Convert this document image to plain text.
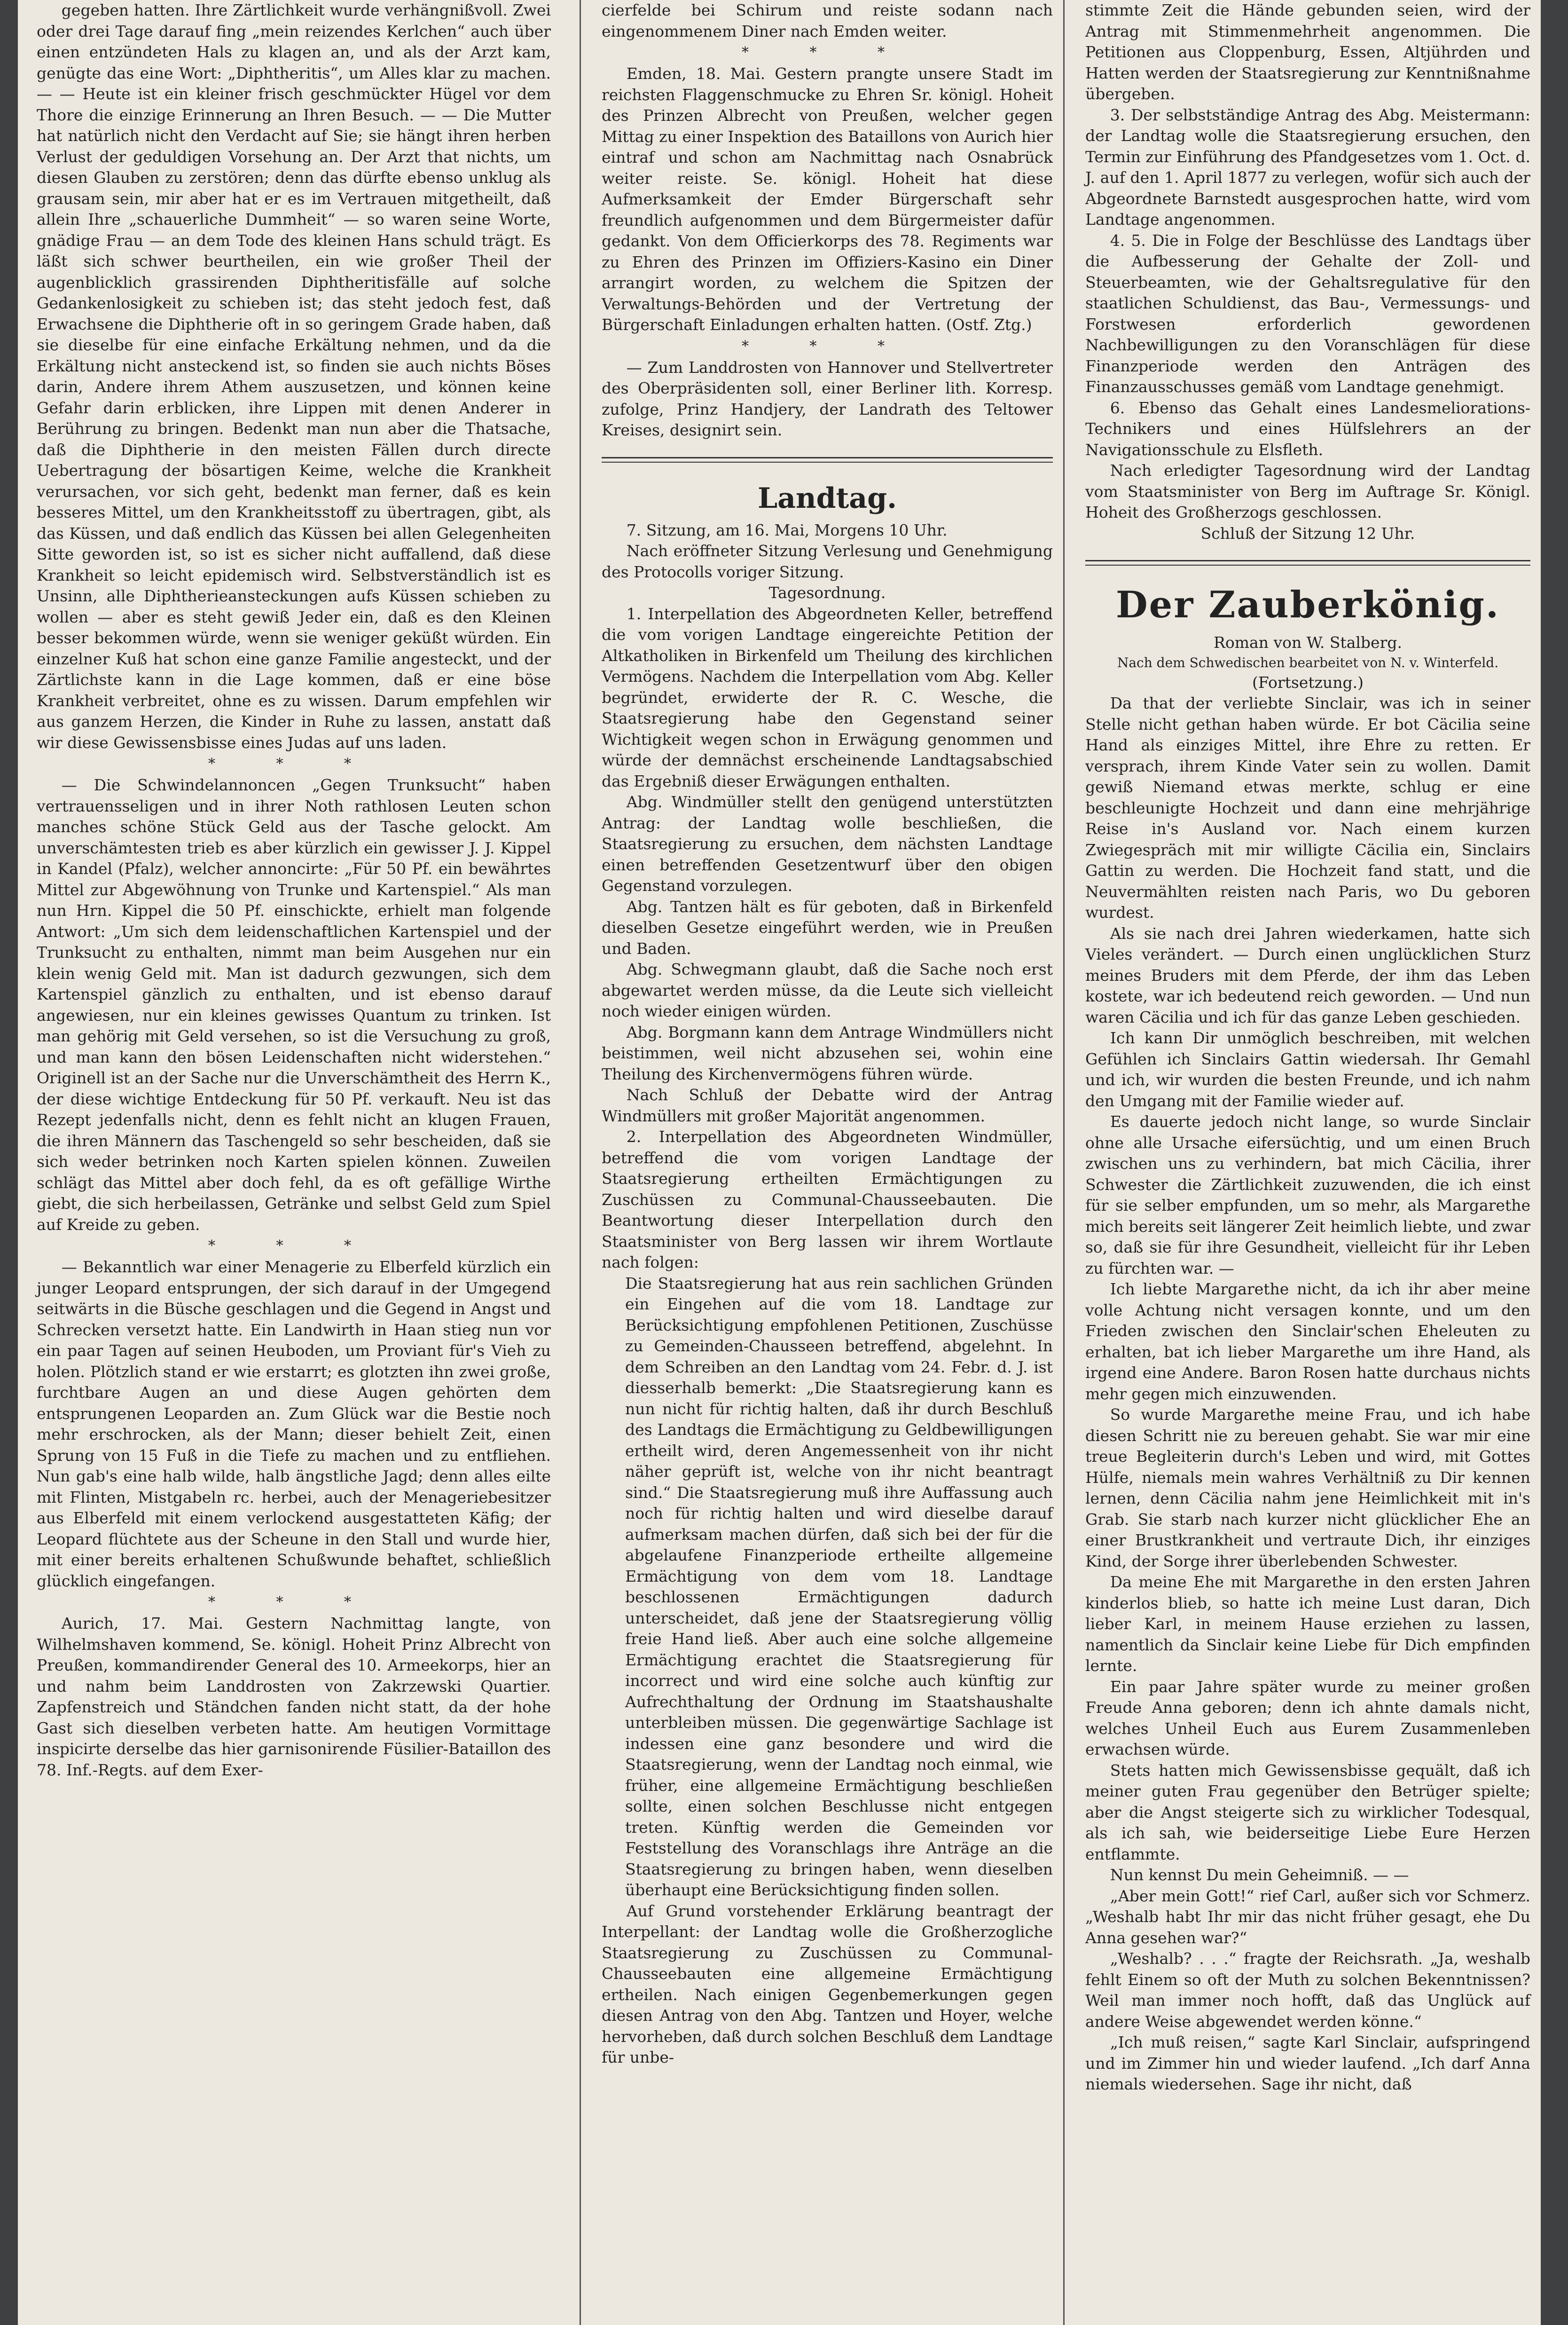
gegeben hatten. Ihre Zärtlichkeit wurde verhängnißvoll. Zwei oder drei Tage darauf fing „mein reizendes Kerlchen“ auch über einen entzündeten Hals zu klagen an, und als der Arzt kam, genügte das eine Wort: „Diphtheritis“, um Alles klar zu machen. — — Heute ist ein kleiner frisch geschmückter Hügel vor dem Thore die einzige Erinnerung an Ihren Besuch. — — Die Mutter hat natürlich nicht den Verdacht auf Sie; sie hängt ihren herben Verlust der geduldigen Vorsehung an. Der Arzt that nichts, um diesen Glauben zu zerstören; denn das dürfte ebenso unklug als grausam sein, mir aber hat er es im Vertrauen mitgetheilt, daß allein Ihre „schauerliche Dummheit“ — so waren seine Worte, gnädige Frau — an dem Tode des kleinen Hans schuld trägt. Es läßt sich schwer beurtheilen, ein wie großer Theil der augenblicklich grassirenden Diphtheritisfälle auf solche Gedankenlosigkeit zu schieben ist; das steht jedoch fest, daß Erwachsene die Diphtherie oft in so geringem Grade haben, daß sie dieselbe für eine einfache Erkältung nehmen, und da die Erkältung nicht ansteckend ist, so finden sie auch nichts Böses darin, Andere ihrem Athem auszusetzen, und können keine Gefahr darin erblicken, ihre Lippen mit denen Anderer in Berührung zu bringen. Bedenkt man nun aber die Thatsache, daß die Diphtherie in den meisten Fällen durch directe Uebertragung der bösartigen Keime, welche die Krankheit verursachen, vor sich geht, bedenkt man ferner, daß es kein besseres Mittel, um den Krankheitsstoff zu übertragen, gibt, als das Küssen, und daß endlich das Küssen bei allen Gelegenheiten Sitte geworden ist, so ist es sicher nicht auffallend, daß diese Krankheit so leicht epidemisch wird. Selbstverständlich ist es Unsinn, alle Diphtherieansteckungen aufs Küssen schieben zu wollen — aber es steht gewiß Jeder ein, daß es den Kleinen besser bekommen würde, wenn sie weniger geküßt würden. Ein einzelner Kuß hat schon eine ganze Familie angesteckt, und der Zärtlichste kann in die Lage kommen, daß er eine böse Krankheit verbreitet, ohne es zu wissen. Darum empfehlen wir aus ganzem Herzen, die Kinder in Ruhe zu lassen, anstatt daß wir diese Gewissensbisse eines Judas auf uns laden.

* * *

— Die Schwindelannoncen „Gegen Trunksucht“ haben vertrauensseligen und in ihrer Noth rathlosen Leuten schon manches schöne Stück Geld aus der Tasche gelockt. Am unverschämtesten trieb es aber kürzlich ein gewisser J. J. Kippel in Kandel (Pfalz), welcher annoncirte: „Für 50 Pf. ein bewährtes Mittel zur Abgewöhnung von Trunke und Kartenspiel.“ Als man nun Hrn. Kippel die 50 Pf. einschickte, erhielt man folgende Antwort: „Um sich dem leidenschaftlichen Kartenspiel und der Trunksucht zu enthalten, nimmt man beim Ausgehen nur ein klein wenig Geld mit. Man ist dadurch gezwungen, sich dem Kartenspiel gänzlich zu enthalten, und ist ebenso darauf angewiesen, nur ein kleines gewisses Quantum zu trinken. Ist man gehörig mit Geld versehen, so ist die Versuchung zu groß, und man kann den bösen Leidenschaften nicht widerstehen.“ Originell ist an der Sache nur die Unverschämtheit des Herrn K., der diese wichtige Entdeckung für 50 Pf. verkauft. Neu ist das Rezept jedenfalls nicht, denn es fehlt nicht an klugen Frauen, die ihren Männern das Taschengeld so sehr bescheiden, daß sie sich weder betrinken noch Karten spielen können. Zuweilen schlägt das Mittel aber doch fehl, da es oft gefällige Wirthe giebt, die sich herbeilassen, Getränke und selbst Geld zum Spiel auf Kreide zu geben.

* * *

— Bekanntlich war einer Menagerie zu Elberfeld kürzlich ein junger Leopard entsprungen, der sich darauf in der Umgegend seitwärts in die Büsche geschlagen und die Gegend in Angst und Schrecken versetzt hatte. Ein Landwirth in Haan stieg nun vor ein paar Tagen auf seinen Heuboden, um Proviant für's Vieh zu holen. Plötzlich stand er wie erstarrt; es glotzten ihn zwei große, furchtbare Augen an und diese Augen gehörten dem entsprungenen Leoparden an. Zum Glück war die Bestie noch mehr erschrocken, als der Mann; dieser behielt Zeit, einen Sprung von 15 Fuß in die Tiefe zu machen und zu entfliehen. Nun gab's eine halb wilde, halb ängstliche Jagd; denn alles eilte mit Flinten, Mistgabeln rc. herbei, auch der Menageriebesitzer aus Elberfeld mit einem verlockend ausgestatteten Käfig; der Leopard flüchtete aus der Scheune in den Stall und wurde hier, mit einer bereits erhaltenen Schußwunde behaftet, schließlich glücklich eingefangen.

* * *

Aurich, 17. Mai. Gestern Nachmittag langte, von Wilhelmshaven kommend, Se. königl. Hoheit Prinz Albrecht von Preußen, kommandirender General des 10. Armeekorps, hier an und nahm beim Landdrosten von Zakrzewski Quartier. Zapfenstreich und Ständchen fanden nicht statt, da der hohe Gast sich dieselben verbeten hatte. Am heutigen Vormittage inspicirte derselbe das hier garnisonirende Füsilier-Bataillon des 78. Inf.-Regts. auf dem Exer-

cierfelde bei Schirum und reiste sodann nach eingenommenem Diner nach Emden weiter.

* * *

Emden, 18. Mai. Gestern prangte unsere Stadt im reichsten Flaggenschmucke zu Ehren Sr. königl. Hoheit des Prinzen Albrecht von Preußen, welcher gegen Mittag zu einer Inspektion des Bataillons von Aurich hier eintraf und schon am Nachmittag nach Osnabrück weiter reiste. Se. königl. Hoheit hat diese Aufmerksamkeit der Emder Bürgerschaft sehr freundlich aufgenommen und dem Bürgermeister dafür gedankt. Von dem Officierkorps des 78. Regiments war zu Ehren des Prinzen im Offiziers-Kasino ein Diner arrangirt worden, zu welchem die Spitzen der Verwaltungs-Behörden und der Vertretung der Bürgerschaft Einladungen erhalten hatten. (Ostf. Ztg.)

* * *

— Zum Landdrosten von Hannover und Stellvertreter des Oberpräsidenten soll, einer Berliner lith. Korresp. zufolge, Prinz Handjery, der Landrath des Teltower Kreises, designirt sein.

Landtag.

7. Sitzung, am 16. Mai, Morgens 10 Uhr.

Nach eröffneter Sitzung Verlesung und Genehmigung des Protocolls voriger Sitzung.

Tagesordnung.

1. Interpellation des Abgeordneten Keller, betreffend die vom vorigen Landtage eingereichte Petition der Altkatholiken in Birkenfeld um Theilung des kirchlichen Vermögens. Nachdem die Interpellation vom Abg. Keller begründet, erwiderte der R. C. Wesche, die Staatsregierung habe den Gegenstand seiner Wichtigkeit wegen schon in Erwägung genommen und würde der demnächst erscheinende Landtagsabschied das Ergebniß dieser Erwägungen enthalten.

Abg. Windmüller stellt den genügend unterstützten Antrag: der Landtag wolle beschließen, die Staatsregierung zu ersuchen, dem nächsten Landtage einen betreffenden Gesetzentwurf über den obigen Gegenstand vorzulegen.

Abg. Tantzen hält es für geboten, daß in Birkenfeld dieselben Gesetze eingeführt werden, wie in Preußen und Baden.

Abg. Schwegmann glaubt, daß die Sache noch erst abgewartet werden müsse, da die Leute sich vielleicht noch wieder einigen würden.

Abg. Borgmann kann dem Antrage Windmüllers nicht beistimmen, weil nicht abzusehen sei, wohin eine Theilung des Kirchenvermögens führen würde.

Nach Schluß der Debatte wird der Antrag Windmüllers mit großer Majorität angenommen.

2. Interpellation des Abgeordneten Windmüller, betreffend die vom vorigen Landtage der Staatsregierung ertheilten Ermächtigungen zu Zuschüssen zu Communal-Chausseebauten. Die Beantwortung dieser Interpellation durch den Staatsminister von Berg lassen wir ihrem Wortlaute nach folgen:

Die Staatsregierung hat aus rein sachlichen Gründen ein Eingehen auf die vom 18. Landtage zur Berücksichtigung empfohlenen Petitionen, Zuschüsse zu Gemeinden-Chausseen betreffend, abgelehnt. In dem Schreiben an den Landtag vom 24. Febr. d. J. ist diesserhalb bemerkt: „Die Staatsregierung kann es nun nicht für richtig halten, daß ihr durch Beschluß des Landtags die Ermächtigung zu Geldbewilligungen ertheilt wird, deren Angemessenheit von ihr nicht näher geprüft ist, welche von ihr nicht beantragt sind.“ Die Staatsregierung muß ihre Auffassung auch noch für richtig halten und wird dieselbe darauf aufmerksam machen dürfen, daß sich bei der für die abgelaufene Finanzperiode ertheilte allgemeine Ermächtigung von dem vom 18. Landtage beschlossenen Ermächtigungen dadurch unterscheidet, daß jene der Staatsregierung völlig freie Hand ließ. Aber auch eine solche allgemeine Ermächtigung erachtet die Staatsregierung für incorrect und wird eine solche auch künftig zur Aufrechthaltung der Ordnung im Staatshaushalte unterbleiben müssen. Die gegenwärtige Sachlage ist indessen eine ganz besondere und wird die Staatsregierung, wenn der Landtag noch einmal, wie früher, eine allgemeine Ermächtigung beschließen sollte, einen solchen Beschlusse nicht entgegen treten. Künftig werden die Gemeinden vor Feststellung des Voranschlags ihre Anträge an die Staatsregierung zu bringen haben, wenn dieselben überhaupt eine Berücksichtigung finden sollen.

Auf Grund vorstehender Erklärung beantragt der Interpellant: der Landtag wolle die Großherzogliche Staatsregierung zu Zuschüssen zu Communal-Chausseebauten eine allgemeine Ermächtigung ertheilen. Nach einigen Gegenbemerkungen gegen diesen Antrag von den Abg. Tantzen und Hoyer, welche hervorheben, daß durch solchen Beschluß dem Landtage für unbe-

stimmte Zeit die Hände gebunden seien, wird der Antrag mit Stimmenmehrheit angenommen. Die Petitionen aus Cloppenburg, Essen, Altjührden und Hatten werden der Staatsregierung zur Kenntnißnahme übergeben.

3. Der selbstständige Antrag des Abg. Meistermann: der Landtag wolle die Staatsregierung ersuchen, den Termin zur Einführung des Pfandgesetzes vom 1. Oct. d. J. auf den 1. April 1877 zu verlegen, wofür sich auch der Abgeordnete Barnstedt ausgesprochen hatte, wird vom Landtage angenommen.

4. 5. Die in Folge der Beschlüsse des Landtags über die Aufbesserung der Gehalte der Zoll- und Steuerbeamten, wie der Gehaltsregulative für den staatlichen Schuldienst, das Bau-, Vermessungs- und Forstwesen erforderlich gewordenen Nachbewilligungen zu den Voranschlägen für diese Finanzperiode werden den Anträgen des Finanzausschusses gemäß vom Landtage genehmigt.

6. Ebenso das Gehalt eines Landesmeliorations-Technikers und eines Hülfslehrers an der Navigationsschule zu Elsfleth.

Nach erledigter Tagesordnung wird der Landtag vom Staatsminister von Berg im Auftrage Sr. Königl. Hoheit des Großherzogs geschlossen.

Schluß der Sitzung 12 Uhr.

Der Zauberkönig.

Roman von W. Stalberg.

Nach dem Schwedischen bearbeitet von N. v. Winterfeld.

(Fortsetzung.)

Da that der verliebte Sinclair, was ich in seiner Stelle nicht gethan haben würde. Er bot Cäcilia seine Hand als einziges Mittel, ihre Ehre zu retten. Er versprach, ihrem Kinde Vater sein zu wollen. Damit gewiß Niemand etwas merkte, schlug er eine beschleunigte Hochzeit und dann eine mehrjährige Reise in's Ausland vor. Nach einem kurzen Zwiegespräch mit mir willigte Cäcilia ein, Sinclairs Gattin zu werden. Die Hochzeit fand statt, und die Neuvermählten reisten nach Paris, wo Du geboren wurdest.

Als sie nach drei Jahren wiederkamen, hatte sich Vieles verändert. — Durch einen unglücklichen Sturz meines Bruders mit dem Pferde, der ihm das Leben kostete, war ich bedeutend reich geworden. — Und nun waren Cäcilia und ich für das ganze Leben geschieden.

Ich kann Dir unmöglich beschreiben, mit welchen Gefühlen ich Sinclairs Gattin wiedersah. Ihr Gemahl und ich, wir wurden die besten Freunde, und ich nahm den Umgang mit der Familie wieder auf.

Es dauerte jedoch nicht lange, so wurde Sinclair ohne alle Ursache eifersüchtig, und um einen Bruch zwischen uns zu verhindern, bat mich Cäcilia, ihrer Schwester die Zärtlichkeit zuzuwenden, die ich einst für sie selber empfunden, um so mehr, als Margarethe mich bereits seit längerer Zeit heimlich liebte, und zwar so, daß sie für ihre Gesundheit, vielleicht für ihr Leben zu fürchten war. —

Ich liebte Margarethe nicht, da ich ihr aber meine volle Achtung nicht versagen konnte, und um den Frieden zwischen den Sinclair'schen Eheleuten zu erhalten, bat ich lieber Margarethe um ihre Hand, als irgend eine Andere. Baron Rosen hatte durchaus nichts mehr gegen mich einzuwenden.

So wurde Margarethe meine Frau, und ich habe diesen Schritt nie zu bereuen gehabt. Sie war mir eine treue Begleiterin durch's Leben und wird, mit Gottes Hülfe, niemals mein wahres Verhältniß zu Dir kennen lernen, denn Cäcilia nahm jene Heimlichkeit mit in's Grab. Sie starb nach kurzer nicht glücklicher Ehe an einer Brustkrankheit und vertraute Dich, ihr einziges Kind, der Sorge ihrer überlebenden Schwester.

Da meine Ehe mit Margarethe in den ersten Jahren kinderlos blieb, so hatte ich meine Lust daran, Dich lieber Karl, in meinem Hause erziehen zu lassen, namentlich da Sinclair keine Liebe für Dich empfinden lernte.

Ein paar Jahre später wurde zu meiner großen Freude Anna geboren; denn ich ahnte damals nicht, welches Unheil Euch aus Eurem Zusammenleben erwachsen würde.

Stets hatten mich Gewissensbisse gequält, daß ich meiner guten Frau gegenüber den Betrüger spielte; aber die Angst steigerte sich zu wirklicher Todesqual, als ich sah, wie beiderseitige Liebe Eure Herzen entflammte.

Nun kennst Du mein Geheimniß. — —

„Aber mein Gott!“ rief Carl, außer sich vor Schmerz. „Weshalb habt Ihr mir das nicht früher gesagt, ehe Du Anna gesehen war?“

„Weshalb? . . .“ fragte der Reichsrath. „Ja, weshalb fehlt Einem so oft der Muth zu solchen Bekenntnissen? Weil man immer noch hofft, daß das Unglück auf andere Weise abgewendet werden könne.“

„Ich muß reisen,“ sagte Karl Sinclair, aufspringend und im Zimmer hin und wieder laufend. „Ich darf Anna niemals wiedersehen. Sage ihr nicht, daß
